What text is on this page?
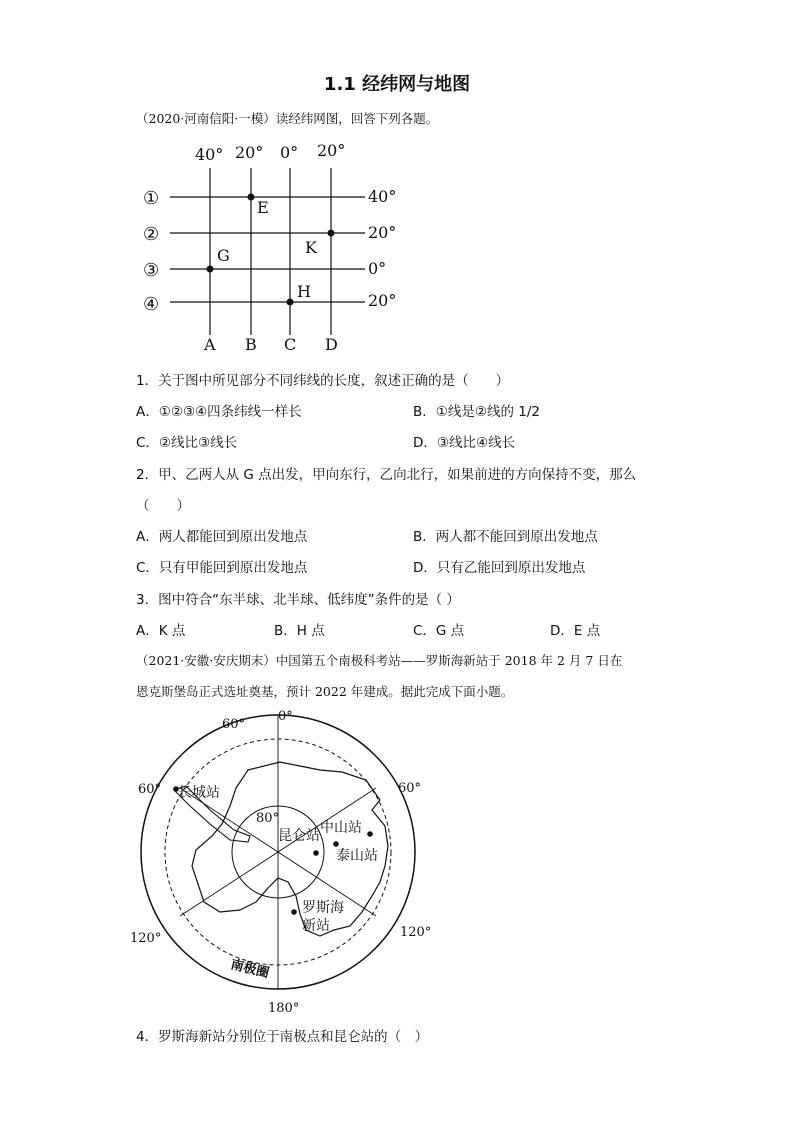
1.1 经纬网与地图
（2020·河南信阳·一模）读经纬网图，回答下列各题。
40° 20° 0° 20°
①
②
③
④
40°
20°
0°
20°
E
K
G
H
A B C D
1．关于图中所见部分不同纬线的长度，叙述正确的是（　　）
A．①②③④四条纬线一样长	B．①线是②线的 1/2
C．②线比③线长	D．③线比④线长
2．甲、乙两人从 G 点出发，甲向东行，乙向北行，如果前进的方向保持不变，那么
（　　）
A．两人都能回到原出发地点	B．两人都不能回到原出发地点
C．只有甲能回到原出发地点	D．只有乙能回到原出发地点
3．图中符合“东半球、北半球、低纬度”条件的是（ ）
A．K 点	B．H 点	C．G 点	D．E 点
（2021·安徽·安庆期末）中国第五个南极科考站——罗斯海新站于 2018 年 2 月 7 日在
恩克斯堡岛正式选址奠基，预计 2022 年建成。据此完成下面小题。
0°
60°
60°	60°
120°	120°
180°
80°
长城站
昆仑站 中山站
泰山站
罗斯海
新站
南极圈
4．罗斯海新站分别位于南极点和昆仑站的（　）
